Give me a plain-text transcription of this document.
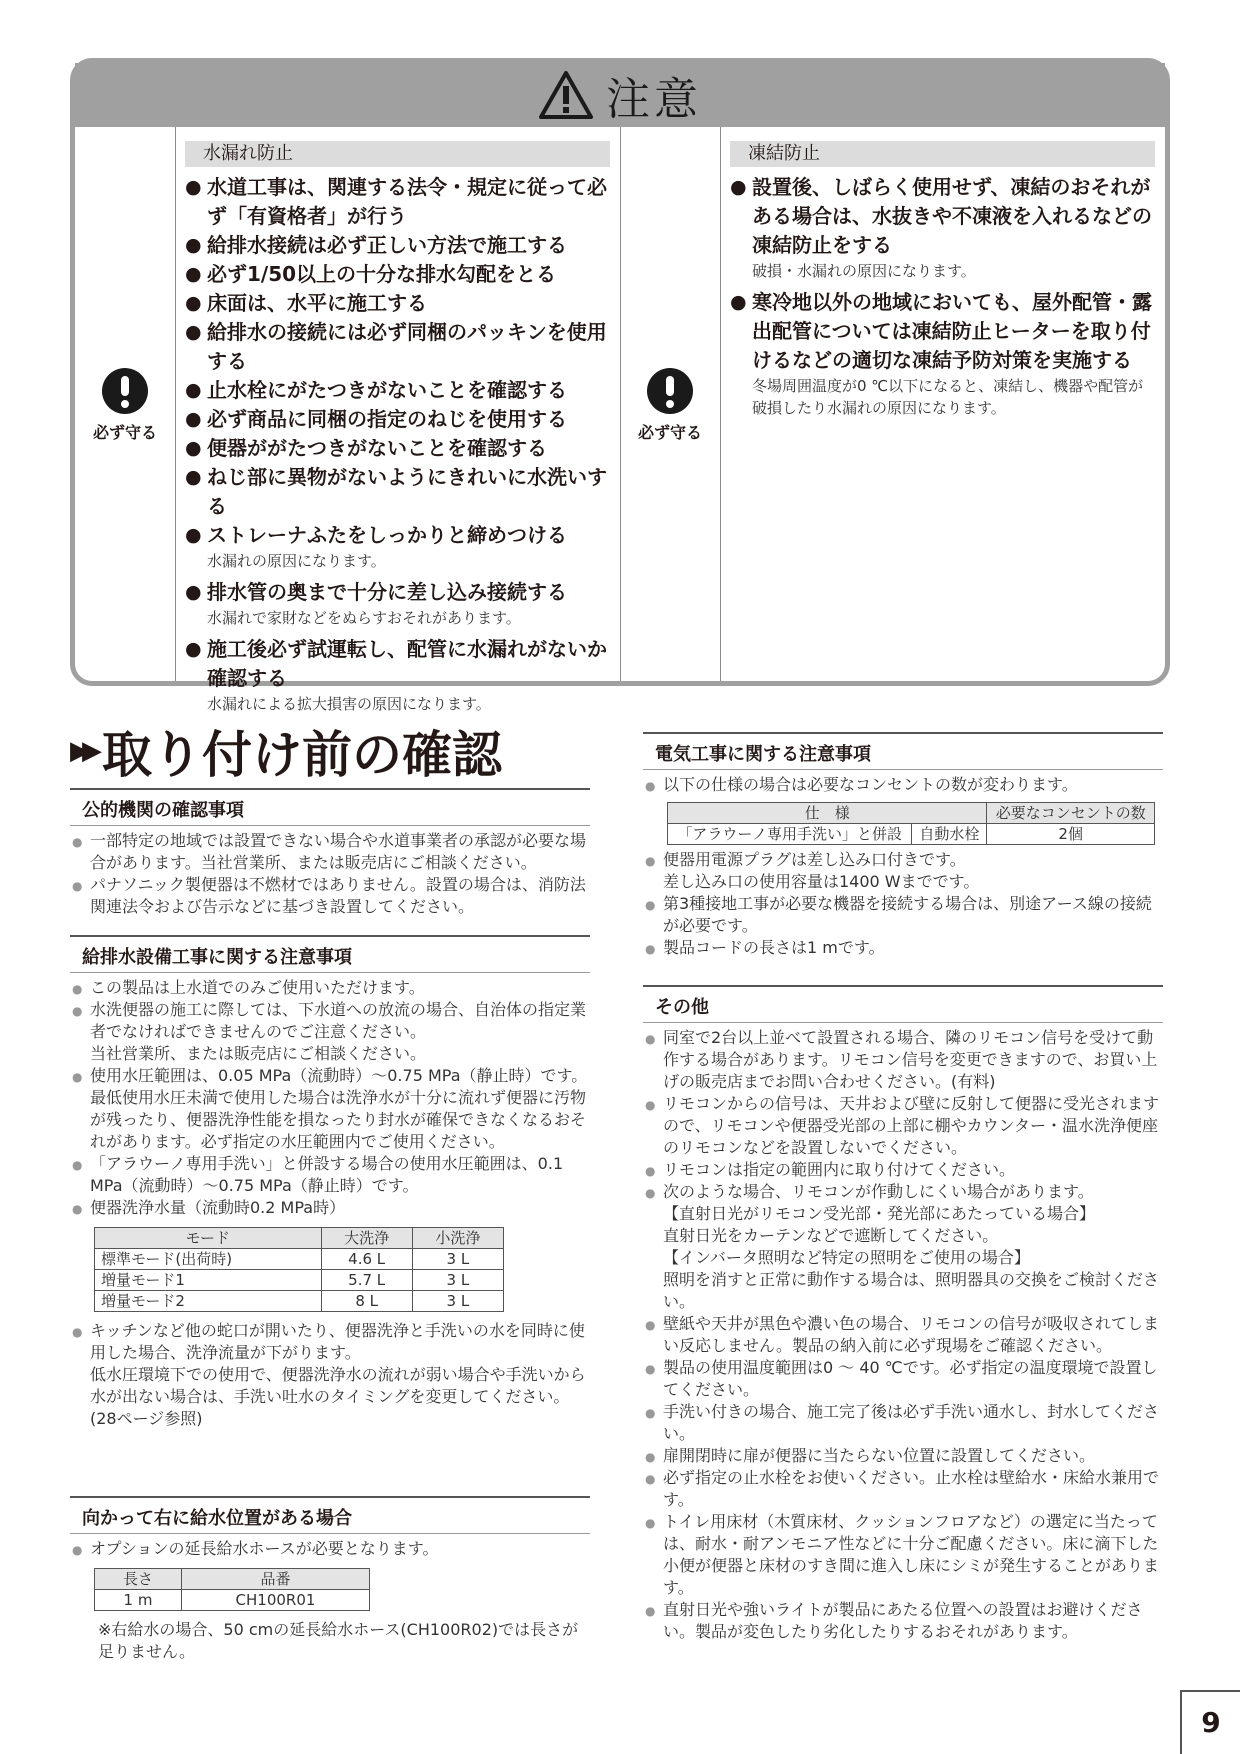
注意
必ず守る	必ず守る
水漏れ防止
● 水道工事は、関連する法令・規定に従って必ず「有資格者」が行う
● 給排水接続は必ず正しい方法で施工する
● 必ず1/50以上の十分な排水勾配をとる
● 床面は、水平に施工する
● 給排水の接続には必ず同梱のパッキンを使用する
● 止水栓にがたつきがないことを確認する
● 必ず商品に同梱の指定のねじを使用する
● 便器ががたつきがないことを確認する
● ねじ部に異物がないようにきれいに水洗いする
● ストレーナふたをしっかりと締めつける
水漏れの原因になります。
● 排水管の奥まで十分に差し込み接続する
水漏れで家財などをぬらすおそれがあります。
● 施工後必ず試運転し、配管に水漏れがないか確認する
水漏れによる拡大損害の原因になります。
凍結防止
● 設置後、しばらく使用せず、凍結のおそれがある場合は、水抜きや不凍液を入れるなどの凍結防止をする
破損・水漏れの原因になります。
● 寒冷地以外の地域においても、屋外配管・露出配管については凍結防止ヒーターを取り付けるなどの適切な凍結予防対策を実施する
冬場周囲温度が0 ℃以下になると、凍結し、機器や配管が破損したり水漏れの原因になります。
▶▶ 取り付け前の確認
公的機関の確認事項
● 一部特定の地域では設置できない場合や水道事業者の承認が必要な場合があります。当社営業所、または販売店にご相談ください。
● パナソニック製便器は不燃材ではありません。設置の場合は、消防法関連法令および告示などに基づき設置してください。
給排水設備工事に関する注意事項
● この製品は上水道でのみご使用いただけます。
● 水洗便器の施工に際しては、下水道への放流の場合、自治体の指定業者でなければできませんのでご注意ください。
当社営業所、または販売店にご相談ください。
● 使用水圧範囲は、0.05 MPa（流動時）～0.75 MPa（静止時）です。
最低使用水圧未満で使用した場合は洗浄水が十分に流れず便器に汚物が残ったり、便器洗浄性能を損なったり封水が確保できなくなるおそれがあります。必ず指定の水圧範囲内でご使用ください。
● 「アラウーノ専用手洗い」と併設する場合の使用水圧範囲は、0.1 MPa（流動時）～0.75 MPa（静止時）です。
● 便器洗浄水量（流動時0.2 MPa時）
モード	大洗浄	小洗浄
標準モード(出荷時)	4.6 L	3 L
増量モード1	5.7 L	3 L
増量モード2	8 L	3 L
● キッチンなど他の蛇口が開いたり、便器洗浄と手洗いの水を同時に使用した場合、洗浄流量が下がります。
低水圧環境下での使用で、便器洗浄水の流れが弱い場合や手洗いから水が出ない場合は、手洗い吐水のタイミングを変更してください。(28ページ参照)
向かって右に給水位置がある場合
● オプションの延長給水ホースが必要となります。
長さ	品番
1 m	CH100R01
※右給水の場合、50 cmの延長給水ホース(CH100R02)では長さが足りません。
電気工事に関する注意事項
● 以下の仕様の場合は必要なコンセントの数が変わります。
仕　様		必要なコンセントの数
「アラウーノ専用手洗い」と併設	自動水栓	2個
● 便器用電源プラグは差し込み口付きです。
差し込み口の使用容量は1400 Wまでです。
● 第3種接地工事が必要な機器を接続する場合は、別途アース線の接続が必要です。
● 製品コードの長さは1 mです。
その他
● 同室で2台以上並べて設置される場合、隣のリモコン信号を受けて動作する場合があります。リモコン信号を変更できますので、お買い上げの販売店までお問い合わせください。(有料)
● リモコンからの信号は、天井および壁に反射して便器に受光されますので、リモコンや便器受光部の上部に棚やカウンター・温水洗浄便座のリモコンなどを設置しないでください。
● リモコンは指定の範囲内に取り付けてください。
● 次のような場合、リモコンが作動しにくい場合があります。
【直射日光がリモコン受光部・発光部にあたっている場合】
直射日光をカーテンなどで遮断してください。
【インバータ照明など特定の照明をご使用の場合】
照明を消すと正常に動作する場合は、照明器具の交換をご検討ください。
● 壁紙や天井が黒色や濃い色の場合、リモコンの信号が吸収されてしまい反応しません。製品の納入前に必ず現場をご確認ください。
● 製品の使用温度範囲は0 ～ 40 ℃です。必ず指定の温度環境で設置してください。
● 手洗い付きの場合、施工完了後は必ず手洗い通水し、封水してください。
● 扉開閉時に扉が便器に当たらない位置に設置してください。
● 必ず指定の止水栓をお使いください。止水栓は壁給水・床給水兼用です。
● トイレ用床材（木質床材、クッションフロアなど）の選定に当たっては、耐水・耐アンモニア性などに十分ご配慮ください。床に滴下した小便が便器と床材のすき間に進入し床にシミが発生することがあります。
● 直射日光や強いライトが製品にあたる位置への設置はお避けください。製品が変色したり劣化したりするおそれがあります。
9
